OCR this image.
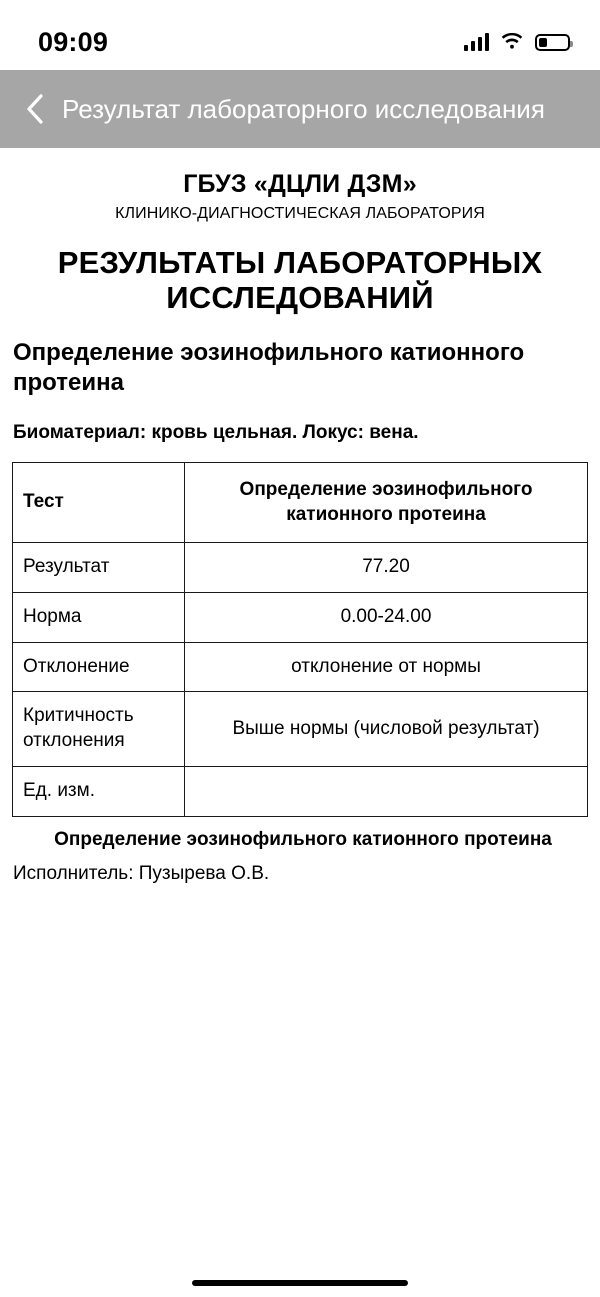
09:09
Результат лабораторного исследования
ГБУЗ «ДЦЛИ ДЗМ»
КЛИНИКО-ДИАГНОСТИЧЕСКАЯ ЛАБОРАТОРИЯ
РЕЗУЛЬТАТЫ ЛАБОРАТОРНЫХ ИССЛЕДОВАНИЙ
Определение эозинофильного катионного протеина
Биоматериал: кровь цельная. Локус: вена.
Тест	Определение эозинофильного катионного протеина
Результат	77.20
Норма	0.00-24.00
Отклонение	отклонение от нормы
Критичность отклонения	Выше нормы (числовой результат)
Ед. изм.	
Определение эозинофильного катионного протеина
Исполнитель: Пузырева О.В.
